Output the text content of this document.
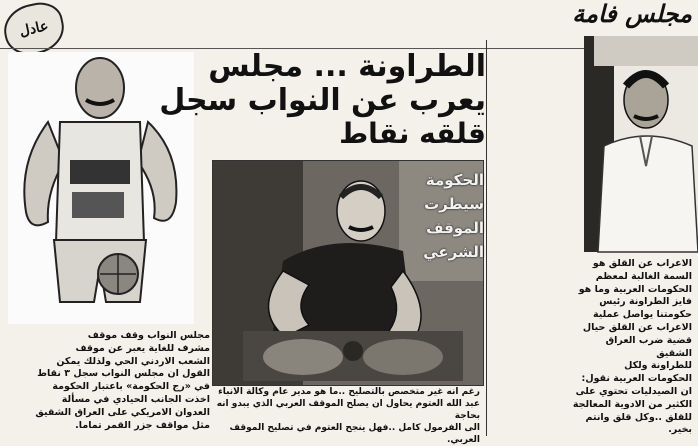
مجلس فامة
عادل
الطراونة ... مجلس
يعرب عن النواب سجل
قلقه نقاط
الحكومة
سيطرت
الموقف
الشرعي
الاعراب عن القلق هو
السمة الغالبة لمعظم
الحكومات العربية وما هو
فايز الطراونة رئيس
حكومتنا يواصل عملية
الاعراب عن القلق حيال
قضية ضرب العراق
الشقيق
للطراونة ولكل
الحكومات العربية نقول:
ان الصيدليات تحتوي على
الكثير من الادوية المعالجة
للقلق ..وكل قلق وانتم
بخير.
مجلس النواب وقف موقف
مشرف للغاية يعبر عن موقف
الشعب الاردني الحي ولذلك يمكن
القول ان مجلس النواب سجل ٣ نقاط
في «رج الحكومة» باعتبار الحكومة
اخذت الجانب الحيادي في مسألة
العدوان الامريكي على العراق الشقيق
مثل مواقف جزر القمر تماما.
رغم انه غير متخصص بالتصليح ..ما هو مدير عام وكالة الانباء
عبد الله العتوم يحاول ان يصلح الموقف العربي الذي يبدو انه بحاجة
الى الفرمول كامل ..فهل ينجح العتوم في تصليح الموقف العربي.
